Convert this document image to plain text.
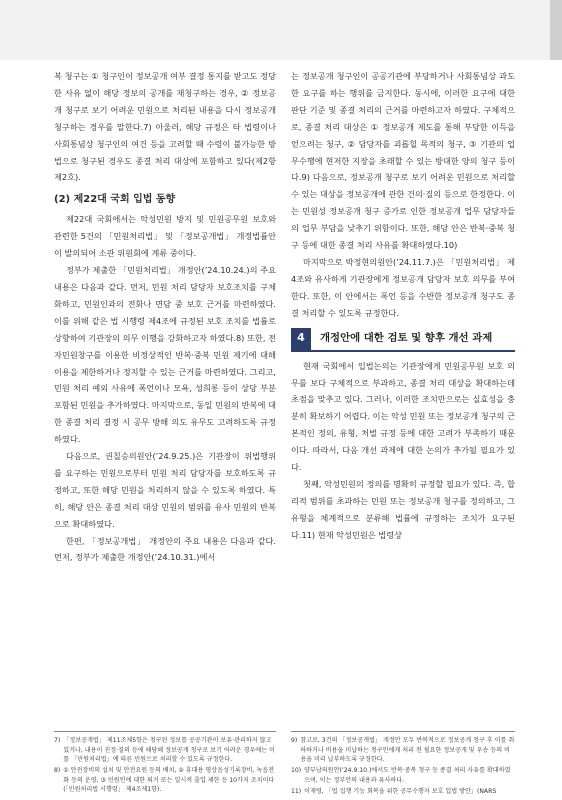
복 청구는 ① 청구인이 정보공개 여부 결정 통지를 받고도 정당한 사유 없이 해당 정보의 공개를 재청구하는 경우, ② 정보공개 청구로 보기 어려운 민원으로 처리된 내용을 다시 정보공개 청구하는 경우를 말한다.7) 아울러, 해당 규정은 타 법령이나 사회통념상 청구인의 여건 등을 고려할 때 수령이 불가능한 방법으로 청구된 경우도 종결 처리 대상에 포함하고 있다(제2항제2호).

(2) 제22대 국회 입법 동향

제22대 국회에서는 악성민원 방지 및 민원공무원 보호와 관련한 5건의 「민원처리법」 및 「정보공개법」 개정법률안이 발의되어 소관 위원회에 계류 중이다.

정부가 제출한 「민원처리법」 개정안(’24.10.24.)의 주요 내용은 다음과 같다. 먼저, 민원 처리 담당자 보호조치를 구체화하고, 민원인과의 전화나 면담 중 보호 근거를 마련하였다. 이를 위해 같은 법 시행령 제4조에 규정된 보호 조치를 법률로 상향하여 기관장의 의무 이행을 강화하고자 하였다.8) 또한, 전자민원창구를 이용한 비정상적인 반복·중복 민원 제기에 대해 이용을 제한하거나 정지할 수 있는 근거를 마련하였다. 그리고, 민원 처리 예외 사유에 폭언이나 모욕, 성희롱 등이 상당 부분 포함된 민원을 추가하였다. 마지막으로, 동일 민원의 반복에 대한 종결 처리 결정 시 공무 방해 의도 유무도 고려하도록 규정하였다.

다음으로, 권칠승의원안(’24.9.25.)은 기관장이 위법행위를 요구하는 민원으로부터 민원 처리 담당자를 보호하도록 규정하고, 또한 해당 민원을 처리하지 않을 수 있도록 하였다. 특히, 해당 안은 종결 처리 대상 민원의 범위를 유사 민원의 반복으로 확대하였다.

한편, 「정보공개법」 개정안의 주요 내용은 다음과 같다. 먼저, 정부가 제출한 개정안(’24.10.31.)에서

는 정보공개 청구인이 공공기관에 부당하거나 사회통념상 과도한 요구를 하는 행위를 금지한다. 동시에, 이러한 요구에 대한 판단 기준 및 종결 처리의 근거를 마련하고자 하였다. 구체적으로, 종결 처리 대상은 ① 정보공개 제도를 통해 부당한 이득을 얻으려는 청구, ② 담당자를 괴롭힐 목적의 청구, ③ 기관의 업무수행에 현저한 지장을 초래할 수 있는 방대한 양의 청구 등이다.9) 다음으로, 정보공개 청구로 보기 어려운 민원으로 처리할 수 있는 대상을 정보공개에 관한 건의·질의 등으로 한정한다. 이는 민원성 정보공개 청구 증가로 인한 정보공개 업무 담당자들의 업무 부담을 낮추기 위함이다. 또한, 해당 안은 반복·중복 청구 등에 대한 종결 처리 사유를 확대하였다.10)

마지막으로 박정현의원안(’24.11.7.)은 「민원처리법」 제4조와 유사하게 기관장에게 정보공개 담당자 보호 의무를 부여한다. 또한, 이 안에서는 폭언 등을 수반한 정보공개 청구도 종결 처리할 수 있도록 규정한다.

4	개정안에 대한 검토 및 향후 개선 과제

현재 국회에서 입법논의는 기관장에게 민원공무원 보호 의무를 보다 구체적으로 부과하고, 종결 처리 대상을 확대하는데 초점을 맞추고 있다. 그러나, 이러한 조치만으로는 실효성을 충분히 확보하기 어렵다. 이는 악성 민원 또는 정보공개 청구의 근본적인 정의, 유형, 처벌 규정 등에 대한 고려가 부족하기 때문이다. 따라서, 다음 개선 과제에 대한 논의가 추가될 필요가 있다.

첫째, 악성민원의 정의를 명확히 규정할 필요가 있다. 즉, 합리적 범위를 초과하는 민원 또는 정보공개 청구를 정의하고, 그 유형을 체계적으로 분류해 법률에 규정하는 조치가 요구된다.11) 현재 악성민원은 법령상

7) 「정보공개법」 제11조제5항은 청구된 정보를 공공기관이 보유·관리하지 않고 있거나, 내용이 진정·질의 등에 해당해 정보공개 청구로 보기 어려운 경우에는 이를 「민원처리법」에 따른 민원으로 처리할 수 있도록 규정한다.
8) ① 안전장비의 설치 및 안전요원 등의 배치, ② 휴대용 영상음성기록장비, 녹음전화 등의 운영, ③ 민원인에 대한 퇴거 또는 일시적 출입 제한 등 10가지 조치이다(「민원처리법 시행령」 제4조제1항).
9) 참고로, 3건의 「정보공개법」 개정안 모두 반복적으로 정보공개 청구 후 이를 취하하거나 비용을 미납하는 청구인에게 처리 전 필요한 정보공개 및 우송 등의 비용을 미리 납부하도록 규정한다.
10) 양부남의원안(’24.9.10.)에서도 반복·중복 청구 등 종결 처리 사유를 확대하였으며, 이는 정부안의 내용과 유사하다.
11) 이재영, 「법 집행 기능 회복을 위한 공무수행자 보호 입법 방안」(NARS
